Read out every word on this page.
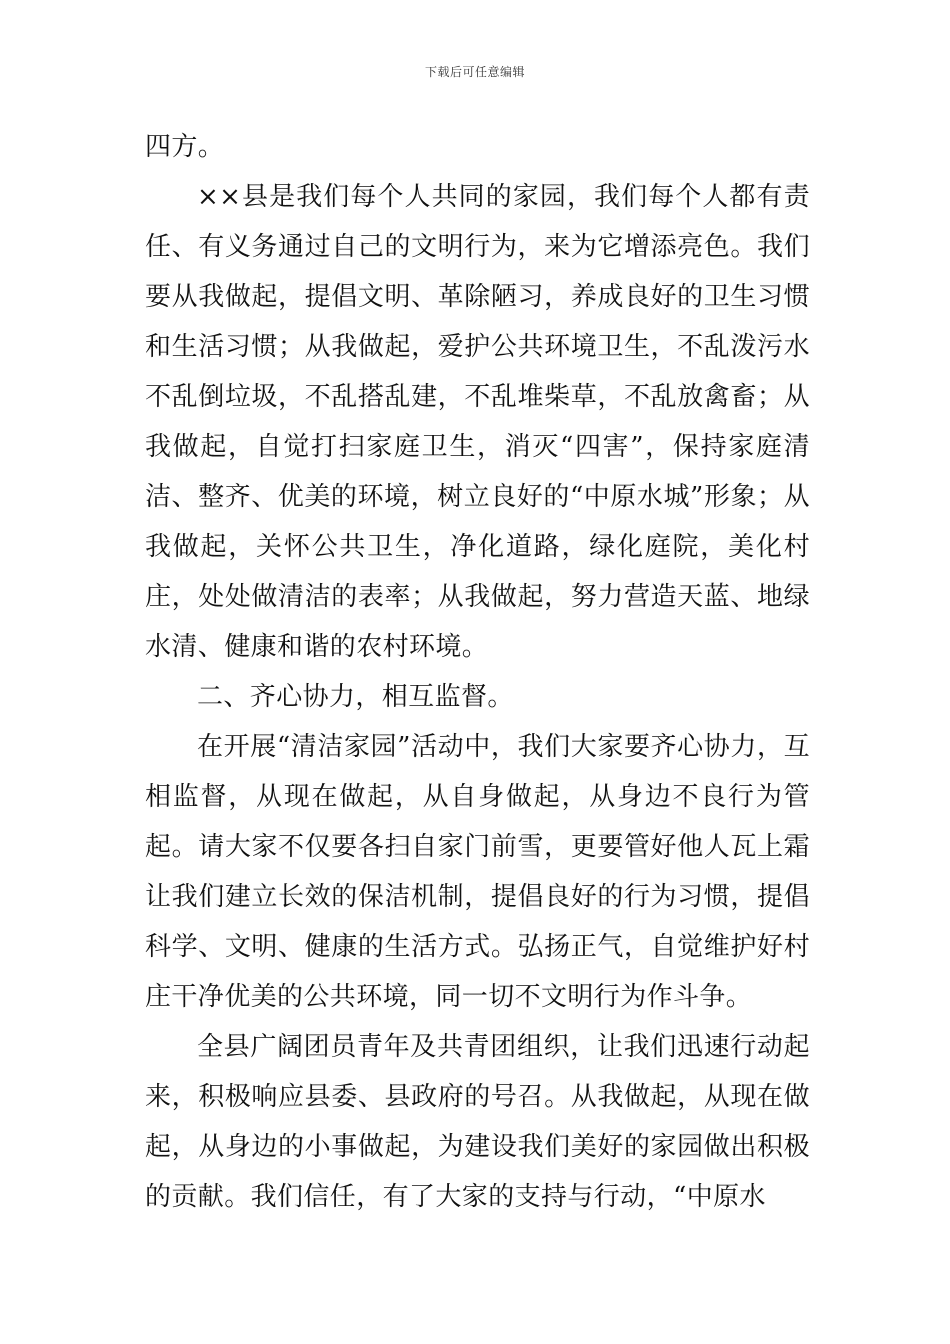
下载后可任意编辑

四方。

××县是我们每个人共同的家园，我们每个人都有责任、有义务通过自己的文明行为，来为它增添亮色。我们要从我做起，提倡文明、革除陋习，养成良好的卫生习惯和生活习惯；从我做起，爱护公共环境卫生，不乱泼污水不乱倒垃圾，不乱搭乱建，不乱堆柴草，不乱放禽畜；从我做起，自觉打扫家庭卫生，消灭“四害”，保持家庭清洁、整齐、优美的环境，树立良好的“中原水城”形象；从我做起，关怀公共卫生，净化道路，绿化庭院，美化村庄，处处做清洁的表率；从我做起，努力营造天蓝、地绿水清、健康和谐的农村环境。

二、齐心协力，相互监督。

在开展“清洁家园”活动中，我们大家要齐心协力，互相监督，从现在做起，从自身做起，从身边不良行为管起。请大家不仅要各扫自家门前雪，更要管好他人瓦上霜让我们建立长效的保洁机制，提倡良好的行为习惯，提倡科学、文明、健康的生活方式。弘扬正气，自觉维护好村庄干净优美的公共环境，同一切不文明行为作斗争。

全县广阔团员青年及共青团组织，让我们迅速行动起来，积极响应县委、县政府的号召。从我做起，从现在做起，从身边的小事做起，为建设我们美好的家园做出积极的贡献。我们信任，有了大家的支持与行动，“中原水
